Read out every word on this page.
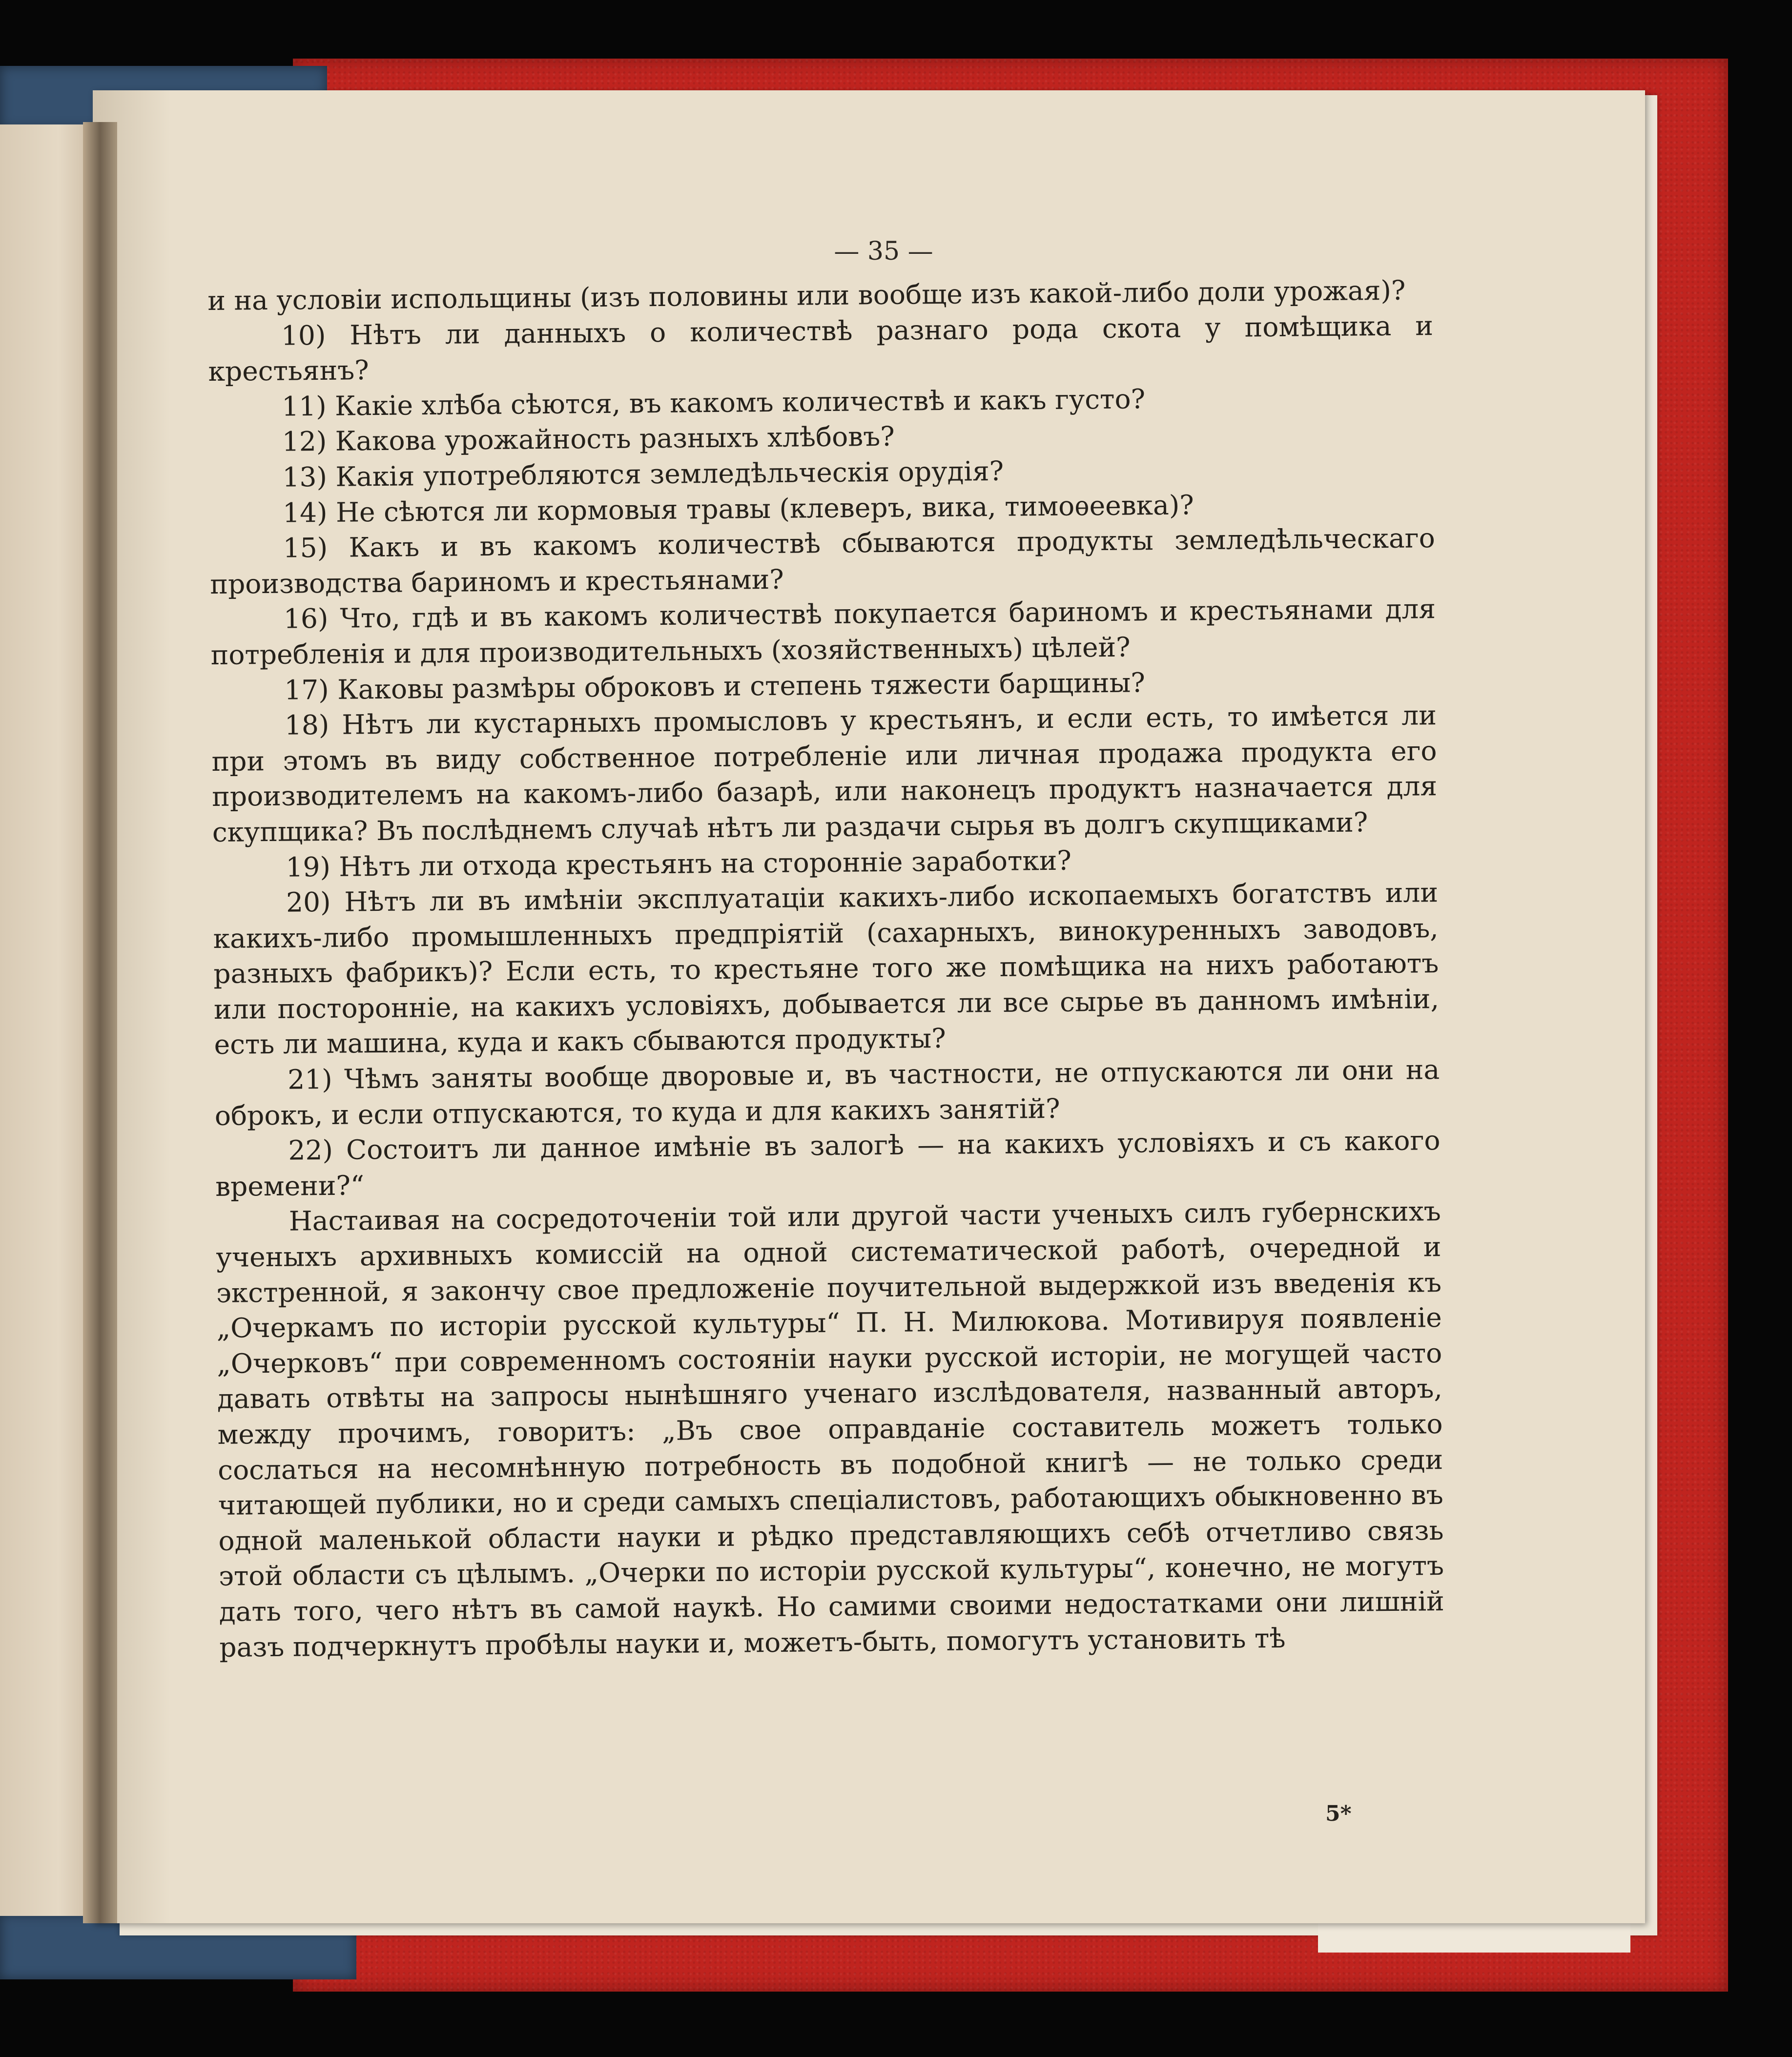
— 35 —

и на условіи испольщины (изъ половины или вообще изъ какой-либо доли урожая)?

10) Нѣтъ ли данныхъ о количествѣ разнаго рода скота у помѣщика и крестьянъ?

11) Какіе хлѣба сѣются, въ какомъ количествѣ и какъ густо?

12) Какова урожайность разныхъ хлѣбовъ?

13) Какія употребляются земледѣльческія орудія?

14) Не сѣются ли кормовыя травы (клеверъ, вика, тимоѳеевка)?

15) Какъ и въ какомъ количествѣ сбываются продукты земледѣльческаго производства бариномъ и крестьянами?

16) Что, гдѣ и въ какомъ количествѣ покупается бариномъ и крестьянами для потребленія и для производительныхъ (хозяйственныхъ) цѣлей?

17) Каковы размѣры оброковъ и степень тяжести барщины?

18) Нѣтъ ли кустарныхъ промысловъ у крестьянъ, и если есть, то имѣется ли при этомъ въ виду собственное потребленіе или личная продажа продукта его производителемъ на какомъ-либо базарѣ, или наконецъ продуктъ назначается для скупщика? Въ послѣднемъ случаѣ нѣтъ ли раздачи сырья въ долгъ скупщиками?

19) Нѣтъ ли отхода крестьянъ на сторонніе заработки?

20) Нѣтъ ли въ имѣніи эксплуатаціи какихъ-либо ископаемыхъ богатствъ или какихъ-либо промышленныхъ предпріятій (сахарныхъ, винокуренныхъ заводовъ, разныхъ фабрикъ)? Если есть, то крестьяне того же помѣщика на нихъ работаютъ или посторонніе, на какихъ условіяхъ, добывается ли все сырье въ данномъ имѣніи, есть ли машина, куда и какъ сбываются продукты?

21) Чѣмъ заняты вообще дворовые и, въ частности, не отпускаются ли они на оброкъ, и если отпускаются, то куда и для какихъ занятій?

22) Состоитъ ли данное имѣніе въ залогѣ — на какихъ условіяхъ и съ какого времени?“

Настаивая на сосредоточеніи той или другой части ученыхъ силъ губернскихъ ученыхъ архивныхъ комиссій на одной систематической работѣ, очередной и экстренной, я закончу свое предложеніе поучительной выдержкой изъ введенія къ „Очеркамъ по исторіи русской культуры“ П. Н. Милюкова. Мотивируя появленіе „Очерковъ“ при современномъ состояніи науки русской исторіи, не могущей часто давать отвѣты на запросы нынѣшняго ученаго изслѣдователя, названный авторъ, между прочимъ, говоритъ: „Въ свое оправданіе составитель можетъ только сослаться на несомнѣнную потребность въ подобной книгѣ — не только среди читающей публики, но и среди самыхъ спеціалистовъ, работающихъ обыкновенно въ одной маленькой области науки и рѣдко представляющихъ себѣ отчетливо связь этой области съ цѣлымъ. „Очерки по исторіи русской культуры“, конечно, не могутъ дать того, чего нѣтъ въ самой наукѣ. Но самими своими недостатками они лишній разъ подчеркнутъ пробѣлы науки и, можетъ-быть, помогутъ установить тѣ

5*
